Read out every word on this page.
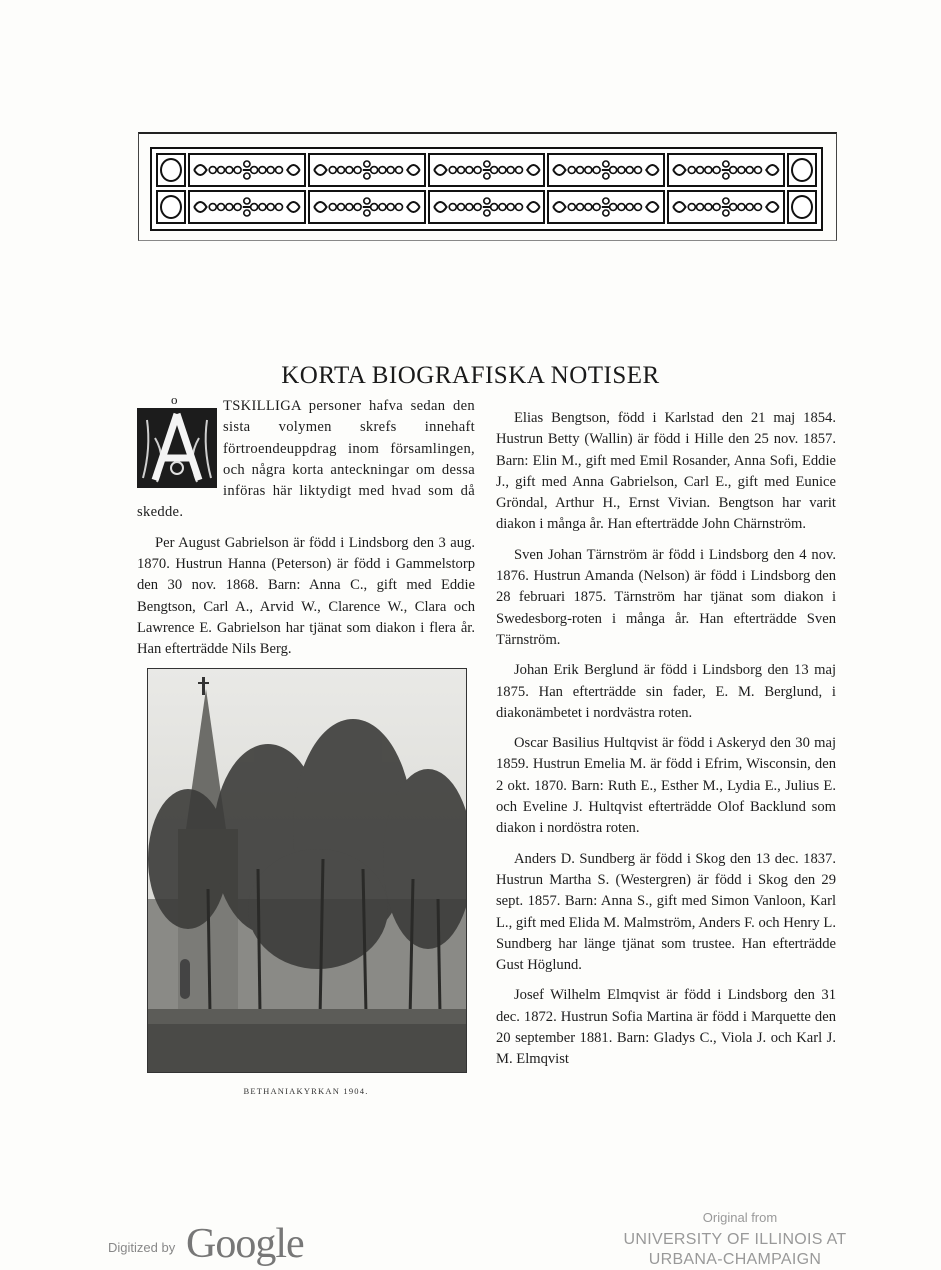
KORTA BIOGRAFISKA NOTISER
o

Å
TSKILLIGA personer hafva sedan den sista volymen skrefs innehaft förtroendeuppdrag inom församlingen, och några korta anteckningar om dessa införas här liktydigt med hvad som då skedde.

Per August Gabrielson är född i Lindsborg den 3 aug. 1870. Hustrun Hanna (Peterson) är född i Gammelstorp den 30 nov. 1868. Barn: Anna C., gift med Eddie Bengtson, Carl A., Arvid W., Clarence W., Clara och Lawrence E. Gabrielson har tjänat som diakon i flera år. Han efterträdde Nils Berg.

BETHANIAKYRKAN 1904.

Elias Bengtson, född i Karlstad den 21 maj 1854. Hustrun Betty (Wallin) är född i Hille den 25 nov. 1857. Barn: Elin M., gift med Emil Rosander, Anna Sofi, Eddie J., gift med Anna Gabrielson, Carl E., gift med Eunice Gröndal, Arthur H., Ernst Vivian. Bengtson har varit diakon i många år. Han efterträdde John Chärnström.

Sven Johan Tärnström är född i Lindsborg den 4 nov. 1876. Hustrun Amanda (Nelson) är född i Lindsborg den 28 februari 1875. Tärnström har tjänat som diakon i Swedesborg-roten i många år. Han efterträdde Sven Tärnström.

Johan Erik Berglund är född i Lindsborg den 13 maj 1875. Han efterträdde sin fader, E. M. Berglund, i diakonämbetet i nordvästra roten.

Oscar Basilius Hultqvist är född i Askeryd den 30 maj 1859. Hustrun Emelia M. är född i Efrim, Wisconsin, den 2 okt. 1870. Barn: Ruth E., Esther M., Lydia E., Julius E. och Eveline J. Hultqvist efterträdde Olof Backlund som diakon i nordöstra roten.

Anders D. Sundberg är född i Skog den 13 dec. 1837. Hustrun Martha S. (Westergren) är född i Skog den 29 sept. 1857. Barn: Anna S., gift med Simon Vanloon, Karl L., gift med Elida M. Malmström, Anders F. och Henry L. Sundberg har länge tjänat som trustee. Han efterträdde Gust Höglund.

Josef Wilhelm Elmqvist är född i Lindsborg den 31 dec. 1872. Hustrun Sofia Martina är född i Marquette den 20 september 1881. Barn: Gladys C., Viola J. och Karl J. M. Elmqvist

Digitized by Google
Original from
UNIVERSITY OF ILLINOIS AT
URBANA-CHAMPAIGN
